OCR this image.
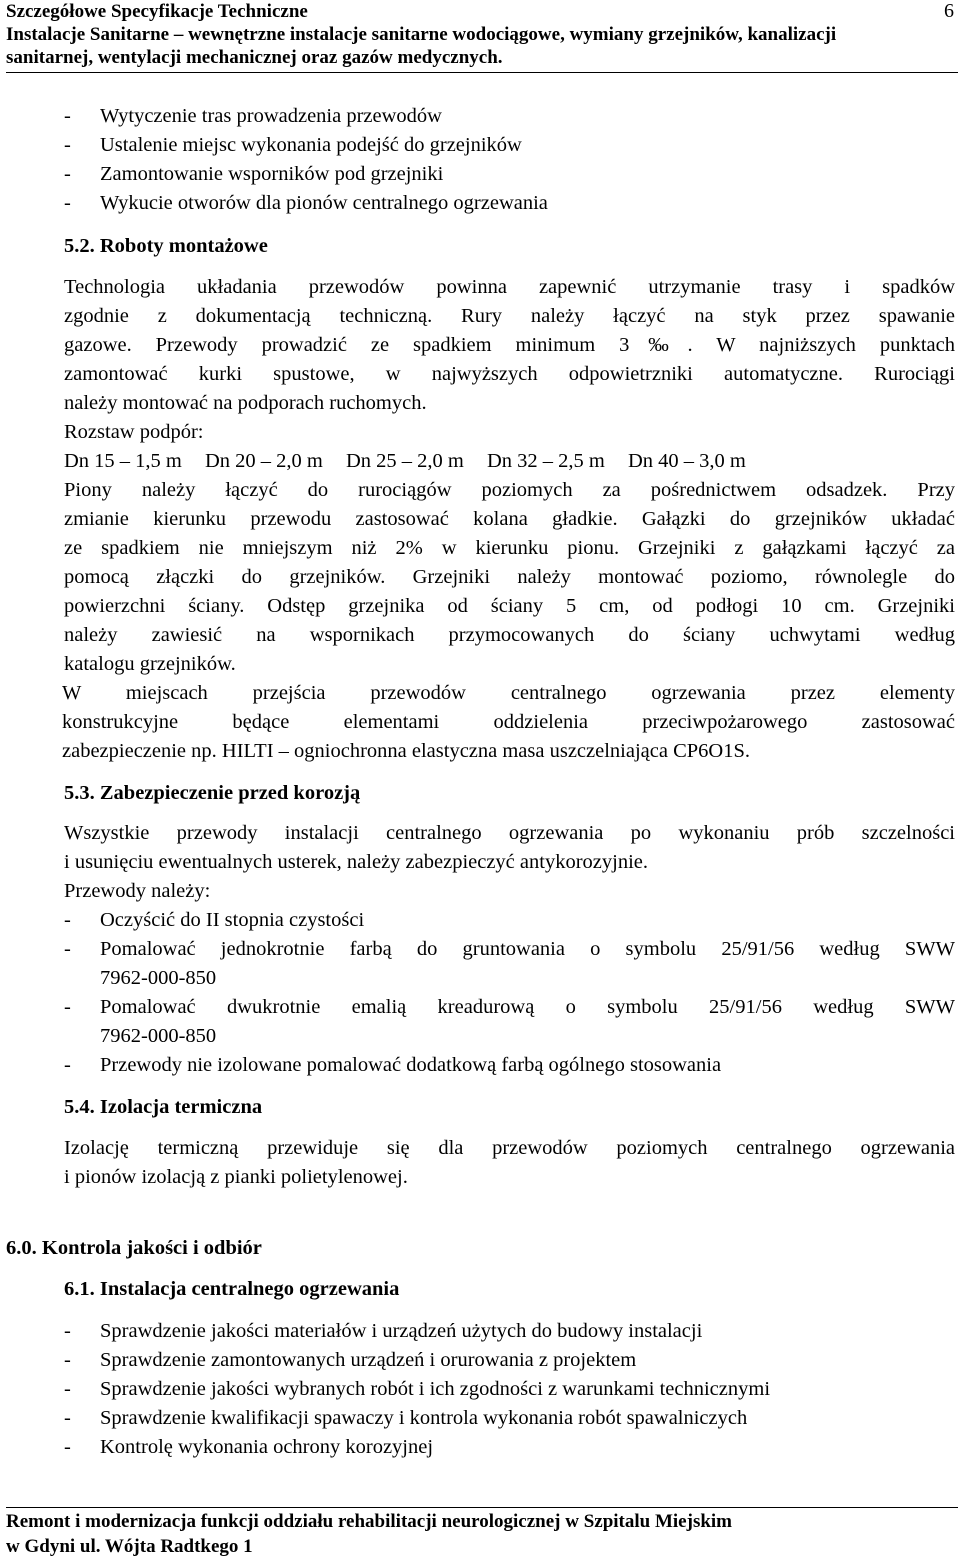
Szczegółowe Specyfikacje Techniczne
Instalacje Sanitarne – wewnętrzne instalacje sanitarne wodociągowe, wymiany grzejników, kanalizacji
sanitarnej, wentylacji mechanicznej oraz gazów medycznych.
6
- Wytyczenie tras prowadzenia przewodów
- Ustalenie miejsc wykonania podejść do grzejników
- Zamontowanie wsporników pod grzejniki
- Wykucie otworów dla pionów centralnego ogrzewania
5.2. Roboty montażowe
Technologia układania przewodów powinna zapewnić utrzymanie trasy i spadków
zgodnie z dokumentacją techniczną. Rury należy łączyć na styk przez spawanie
gazowe. Przewody prowadzić ze spadkiem minimum 3‰. W najniższych punktach
zamontować kurki spustowe, w najwyższych odpowietrzniki automatyczne. Rurociągi
należy montować na podporach ruchomych.
Rozstaw podpór:
Dn 15 – 1,5 m Dn 20 – 2,0 m Dn 25 – 2,0 m Dn 32 – 2,5 m Dn 40 – 3,0 m
Piony należy łączyć do rurociągów poziomych za pośrednictwem odsadzek. Przy
zmianie kierunku przewodu zastosować kolana gładkie. Gałązki do grzejników układać
ze spadkiem nie mniejszym niż 2% w kierunku pionu. Grzejniki z gałązkami łączyć za
pomocą złączki do grzejników. Grzejniki należy montować poziomo, równolegle do
powierzchni ściany. Odstęp grzejnika od ściany 5 cm, od podłogi 10 cm. Grzejniki
należy zawiesić na wspornikach przymocowanych do ściany uchwytami według
katalogu grzejników.
W miejscach przejścia przewodów centralnego ogrzewania przez elementy
konstrukcyjne będące elementami oddzielenia przeciwpożarowego zastosować
zabezpieczenie np. HILTI – ogniochronna elastyczna masa uszczelniająca CP6O1S.
5.3. Zabezpieczenie przed korozją
Wszystkie przewody instalacji centralnego ogrzewania po wykonaniu prób szczelności
i usunięciu ewentualnych usterek, należy zabezpieczyć antykorozyjnie.
Przewody należy:
- Oczyścić do II stopnia czystości
- Pomalować jednokrotnie farbą do gruntowania o symbolu 25/91/56 według SWW
7962-000-850
- Pomalować dwukrotnie emalią kreadurową o symbolu 25/91/56 według SWW
7962-000-850
- Przewody nie izolowane pomalować dodatkową farbą ogólnego stosowania
5.4. Izolacja termiczna
Izolację termiczną przewiduje się dla przewodów poziomych centralnego ogrzewania
i pionów izolacją z pianki polietylenowej.
6.0. Kontrola jakości i odbiór
6.1. Instalacja centralnego ogrzewania
- Sprawdzenie jakości materiałów i urządzeń użytych do budowy instalacji
- Sprawdzenie zamontowanych urządzeń i orurowania z projektem
- Sprawdzenie jakości wybranych robót i ich zgodności z warunkami technicznymi
- Sprawdzenie kwalifikacji spawaczy i kontrola wykonania robót spawalniczych
- Kontrolę wykonania ochrony korozyjnej
Remont i modernizacja funkcji oddziału rehabilitacji neurologicznej w Szpitalu Miejskim
w Gdyni ul. Wójta Radtkego 1
